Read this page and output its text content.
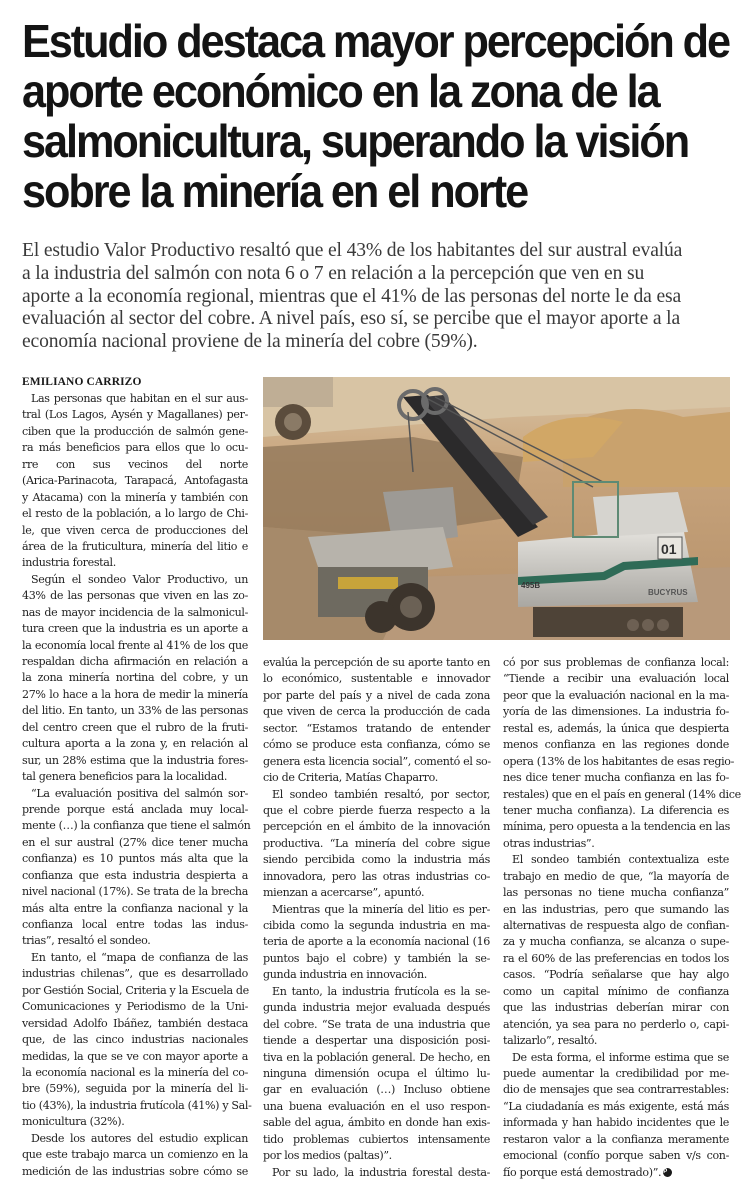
Estudio destaca mayor percepción de
aporte económico en la zona de la
salmonicultura, superando la visión
sobre la minería en el norte
El estudio Valor Productivo resaltó que el 43% de los habitantes del sur austral evalúa
a la industria del salmón con nota 6 o 7 en relación a la percepción que ven en su
aporte a la economía regional, mientras que el 41% de las personas del norte le da esa
evaluación al sector del cobre. A nivel país, eso sí, se percibe que el mayor aporte a la
economía nacional proviene de la minería del cobre (59%).
EMILIANO CARRIZO
01
495B
BUCYRUS
Las personas que habitan en el sur aus-
tral (Los Lagos, Aysén y Magallanes) per-
ciben que la producción de salmón gene-
ra más beneficios para ellos que lo ocu-
rre con sus vecinos del norte
(Arica-Parinacota, Tarapacá, Antofagasta
y Atacama) con la minería y también con
el resto de la población, a lo largo de Chi-
le, que viven cerca de producciones del
área de la fruticultura, minería del litio e
industria forestal.
Según el sondeo Valor Productivo, un
43% de las personas que viven en las zo-
nas de mayor incidencia de la salmonicul-
tura creen que la industria es un aporte a
la economía local frente al 41% de los que
respaldan dicha afirmación en relación a
la zona minería nortina del cobre, y un
27% lo hace a la hora de medir la minería
del litio. En tanto, un 33% de las personas
del centro creen que el rubro de la fruti-
cultura aporta a la zona y, en relación al
sur, un 28% estima que la industria fores-
tal genera beneficios para la localidad.
“La evaluación positiva del salmón sor-
prende porque está anclada muy local-
mente (…) la confianza que tiene el salmón
en el sur austral (27% dice tener mucha
confianza) es 10 puntos más alta que la
confianza que esta industria despierta a
nivel nacional (17%). Se trata de la brecha
más alta entre la confianza nacional y la
confianza local entre todas las indus-
trias”, resaltó el sondeo.
En tanto, el “mapa de confianza de las
industrias chilenas”, que es desarrollado
por Gestión Social, Criteria y la Escuela de
Comunicaciones y Periodismo de la Uni-
versidad Adolfo Ibáñez, también destaca
que, de las cinco industrias nacionales
medidas, la que se ve con mayor aporte a
la economía nacional es la minería del co-
bre (59%), seguida por la minería del li-
tio (43%), la industria frutícola (41%) y Sal-
monicultura (32%).
Desde los autores del estudio explican
que este trabajo marca un comienzo en la
medición de las industrias sobre cómo se
evalúa la percepción de su aporte tanto en
lo económico, sustentable e innovador
por parte del país y a nivel de cada zona
que viven de cerca la producción de cada
sector. “Estamos tratando de entender
cómo se produce esta confianza, cómo se
genera esta licencia social”, comentó el so-
cio de Criteria, Matías Chaparro.
El sondeo también resaltó, por sector,
que el cobre pierde fuerza respecto a la
percepción en el ámbito de la innovación
productiva. “La minería del cobre sigue
siendo percibida como la industria más
innovadora, pero las otras industrias co-
mienzan a acercarse”, apuntó.
Mientras que la minería del litio es per-
cibida como la segunda industria en ma-
teria de aporte a la economía nacional (16
puntos bajo el cobre) y también la se-
gunda industria en innovación.
En tanto, la industria frutícola es la se-
gunda industria mejor evaluada después
del cobre. “Se trata de una industria que
tiende a despertar una disposición posi-
tiva en la población general. De hecho, en
ninguna dimensión ocupa el último lu-
gar en evaluación (…) Incluso obtiene
una buena evaluación en el uso respon-
sable del agua, ámbito en donde han exis-
tido problemas cubiertos intensamente
por los medios (paltas)”.
Por su lado, la industria forestal desta-
có por sus problemas de confianza local:
“Tiende a recibir una evaluación local
peor que la evaluación nacional en la ma-
yoría de las dimensiones. La industria fo-
restal es, además, la única que despierta
menos confianza en las regiones donde
opera (13% de los habitantes de esas regio-
nes dice tener mucha confianza en las fo-
restales) que en el país en general (14% dice
tener mucha confianza). La diferencia es
mínima, pero opuesta a la tendencia en las
otras industrias”.
El sondeo también contextualiza este
trabajo en medio de que, “la mayoría de
las personas no tiene mucha confianza”
en las industrias, pero que sumando las
alternativas de respuesta algo de confian-
za y mucha confianza, se alcanza o supe-
ra el 60% de las preferencias en todos los
casos. “Podría señalarse que hay algo
como un capital mínimo de confianza
que las industrias deberían mirar con
atención, ya sea para no perderlo o, capi-
talizarlo”, resaltó.
De esta forma, el informe estima que se
puede aumentar la credibilidad por me-
dio de mensajes que sea contrarrestables:
“La ciudadanía es más exigente, está más
informada y han habido incidentes que le
restaron valor a la confianza meramente
emocional (confío porque saben v/s con-
fío porque está demostrado)”. P
